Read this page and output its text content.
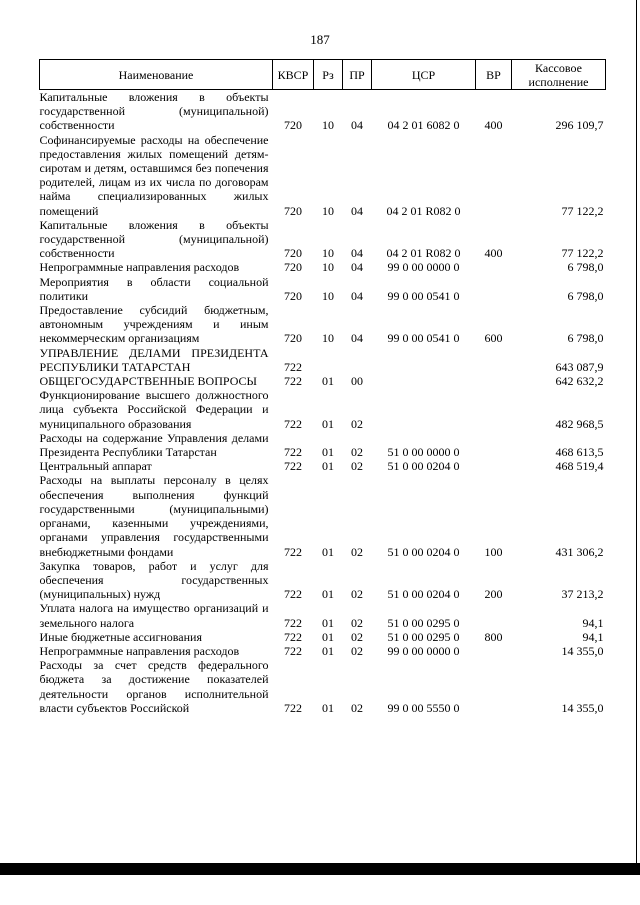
187
Наименование	КВСР	Рз	ПР	ЦСР	ВР	Кассовое исполнение
Капитальные вложения в объекты государственной (муниципальной) собственности	720	10	04	04 2 01 6082 0	400	296 109,7
Софинансируемые расходы на обеспечение предоставления жилых помещений детям-сиротам и детям, оставшимся без попечения родителей, лицам из их числа по договорам найма специализированных жилых помещений	720	10	04	04 2 01 R082 0		77 122,2
Капитальные вложения в объекты государственной (муниципальной) собственности	720	10	04	04 2 01 R082 0	400	77 122,2
Непрограммные направления расходов	720	10	04	99 0 00 0000 0		6 798,0
Мероприятия в области социальной политики	720	10	04	99 0 00 0541 0		6 798,0
Предоставление субсидий бюджетным, автономным учреждениям и иным некоммерческим организациям	720	10	04	99 0 00 0541 0	600	6 798,0
УПРАВЛЕНИЕ ДЕЛАМИ ПРЕЗИДЕНТА РЕСПУБЛИКИ ТАТАРСТАН	722					643 087,9
ОБЩЕГОСУДАРСТВЕННЫЕ ВОПРОСЫ	722	01	00			642 632,2
Функционирование высшего должностного лица субъекта Российской Федерации и муниципального образования	722	01	02			482 968,5
Расходы на содержание Управления делами Президента Республики Татарстан	722	01	02	51 0 00 0000 0		468 613,5
Центральный аппарат	722	01	02	51 0 00 0204 0		468 519,4
Расходы на выплаты персоналу в целях обеспечения выполнения функций государственными (муниципальными) органами, казенными учреждениями, органами управления государственными внебюджетными фондами	722	01	02	51 0 00 0204 0	100	431 306,2
Закупка товаров, работ и услуг для обеспечения государственных (муниципальных) нужд	722	01	02	51 0 00 0204 0	200	37 213,2
Уплата налога на имущество организаций и земельного налога	722	01	02	51 0 00 0295 0		94,1
Иные бюджетные ассигнования	722	01	02	51 0 00 0295 0	800	94,1
Непрограммные направления расходов	722	01	02	99 0 00 0000 0		14 355,0
Расходы за счет средств федерального бюджета за достижение показателей деятельности органов исполнительной власти субъектов Российской	722	01	02	99 0 00 5550 0		14 355,0
